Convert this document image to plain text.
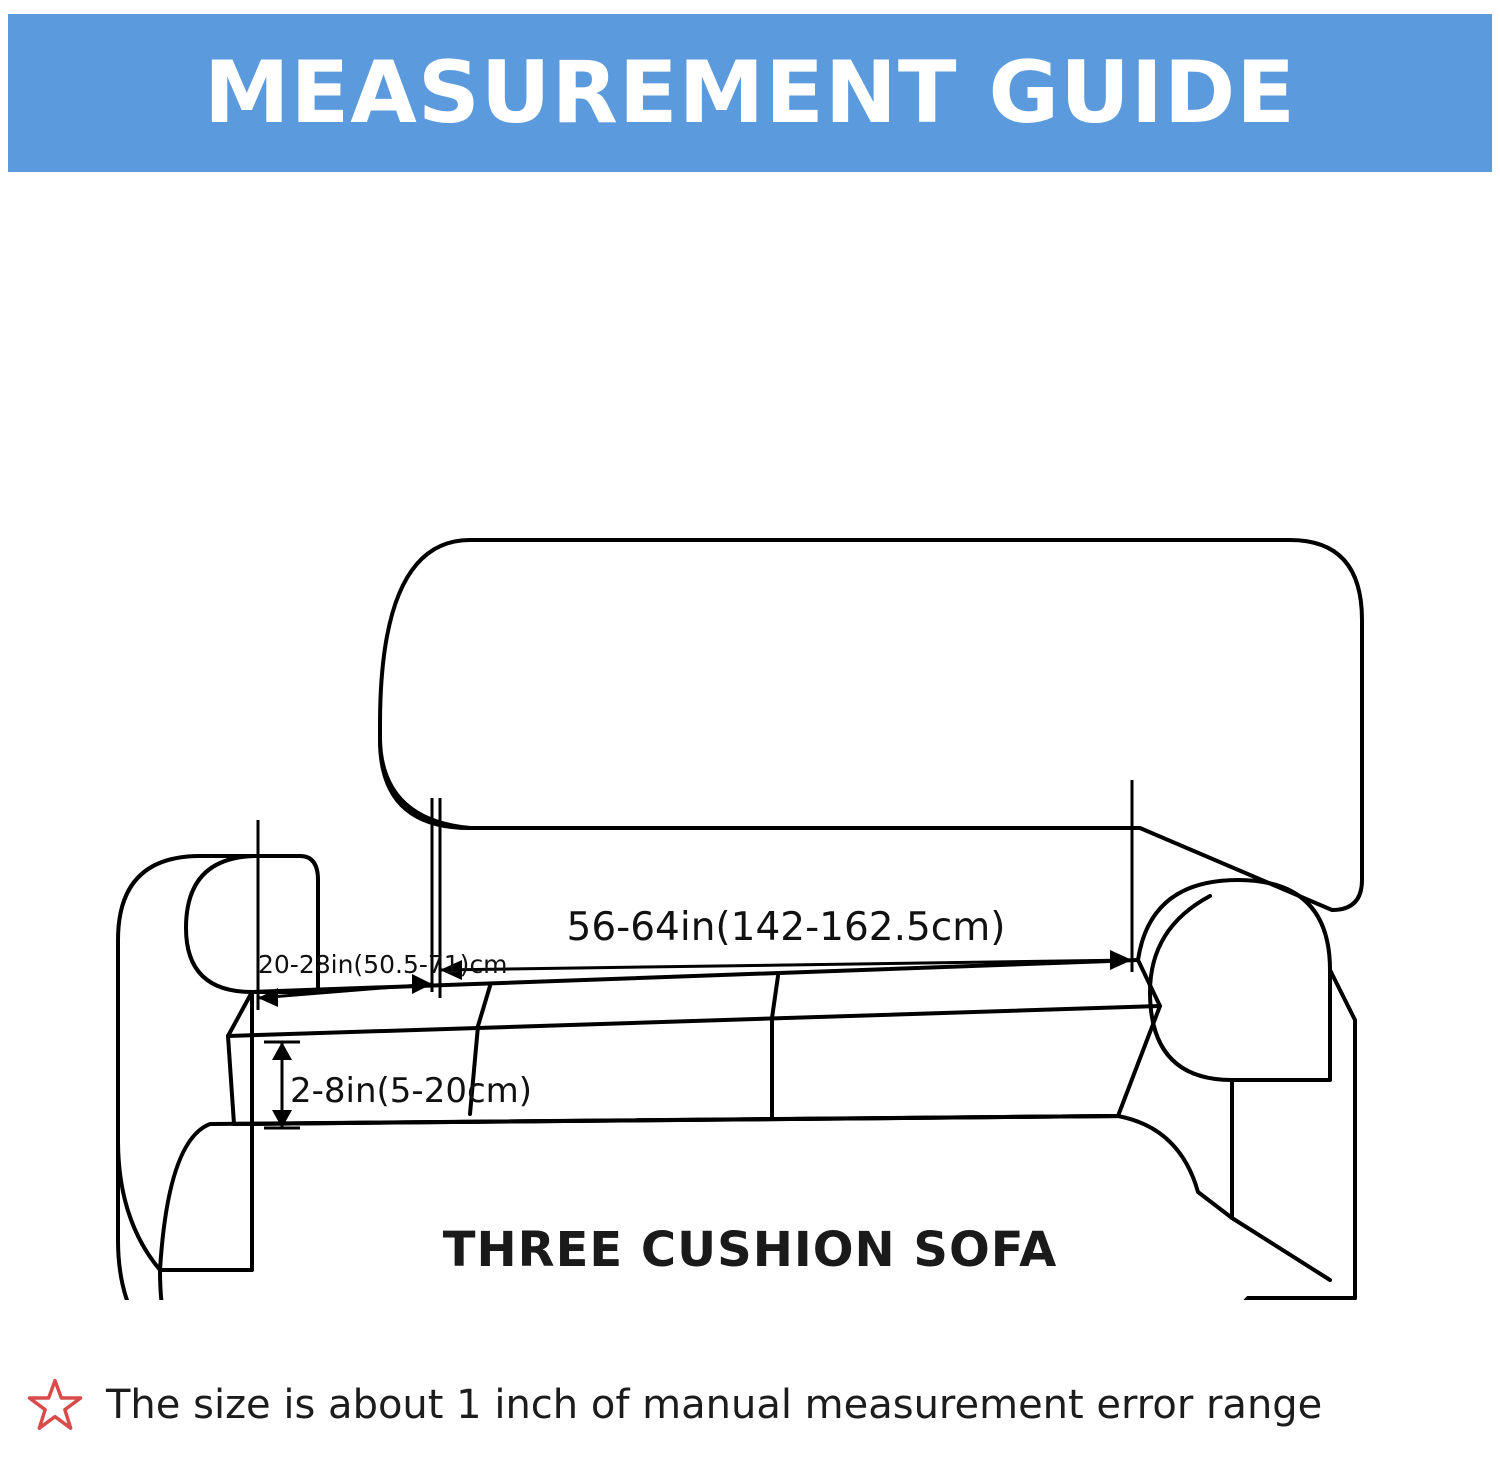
MEASUREMENT GUIDE
56-64in(142-162.5cm)
20-28in(50.5-71)cm
2-8in(5-20cm)
THREE CUSHION SOFA
The size is about 1 inch of manual measurement error range
